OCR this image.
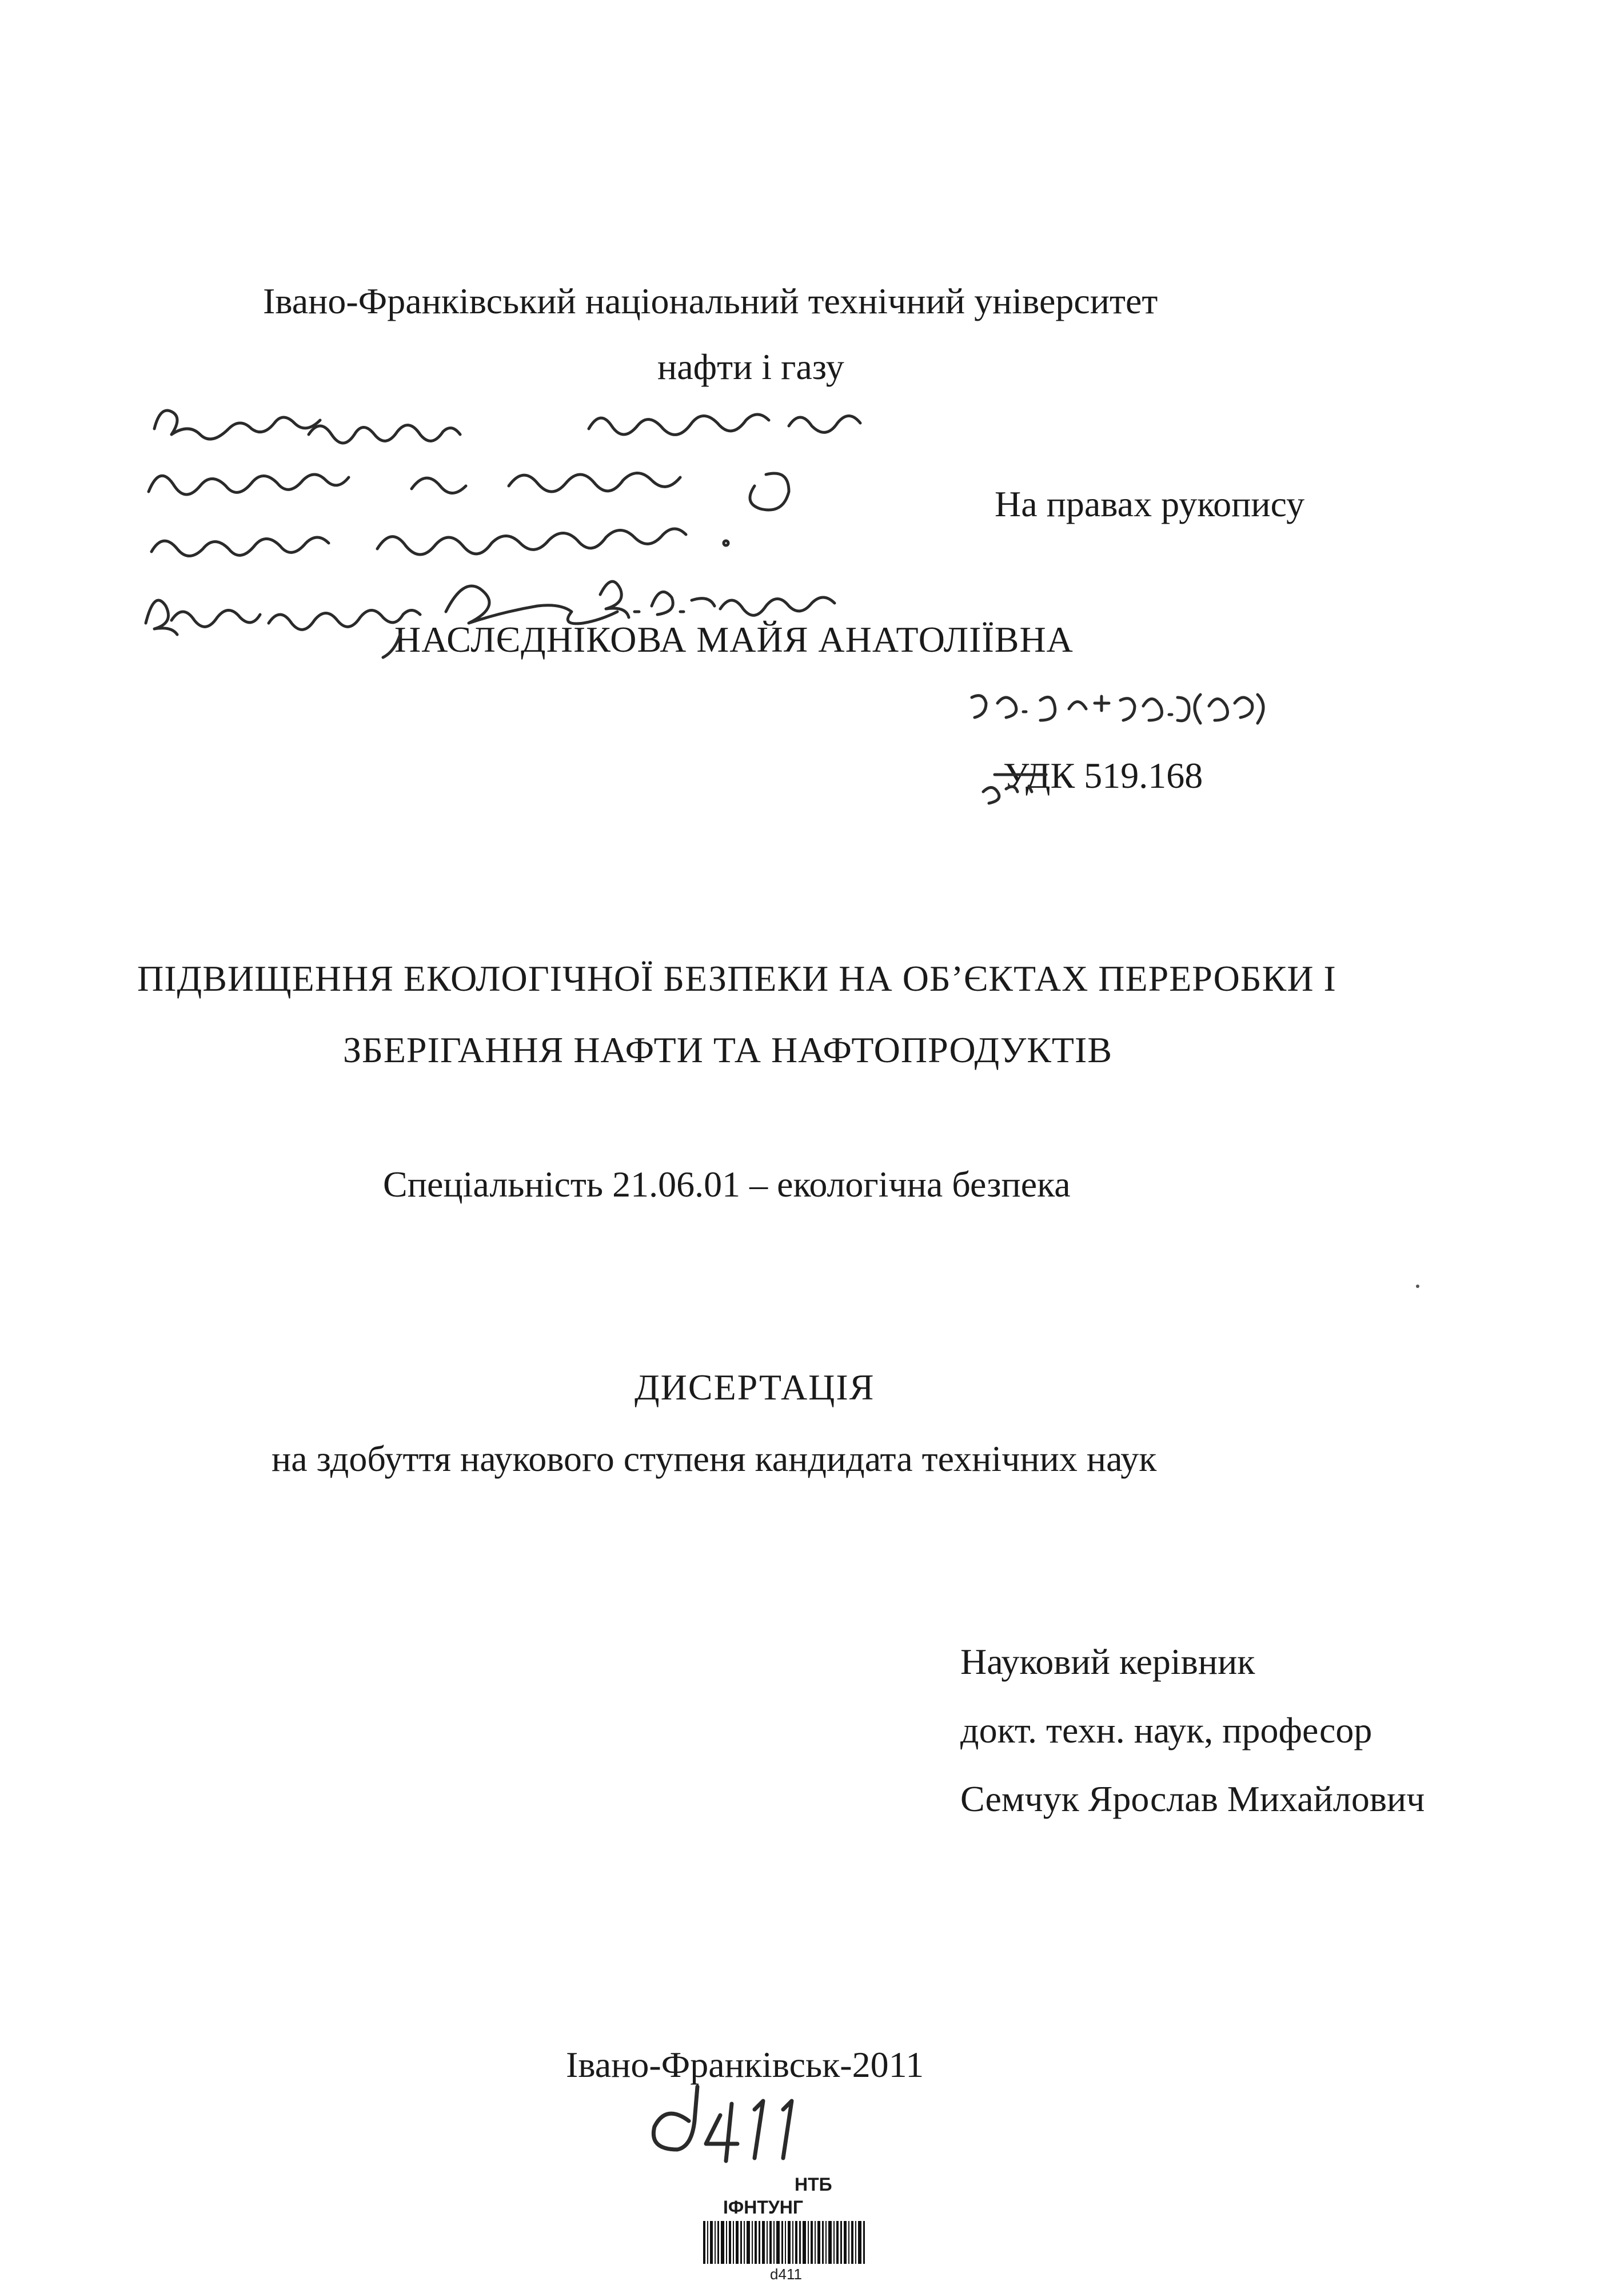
Івано-Франківський національний технічний університет
нафти і газу
На правах рукопису
НАСЛЄДНІКОВА МАЙЯ АНАТОЛІЇВНА
УДК 519.168
ПІДВИЩЕННЯ ЕКОЛОГІЧНОЇ БЕЗПЕКИ НА ОБ’ЄКТАХ ПЕРЕРОБКИ І
ЗБЕРІГАННЯ НАФТИ ТА НАФТОПРОДУКТІВ
Спеціальність 21.06.01 – екологічна безпека
ДИСЕРТАЦІЯ
на здобуття наукового ступеня кандидата технічних наук
Науковий керівник
докт. техн. наук, професор
Семчук Ярослав Михайлович
Івано-Франківськ-2011
НТБ
ІФНТУНГ
d411
